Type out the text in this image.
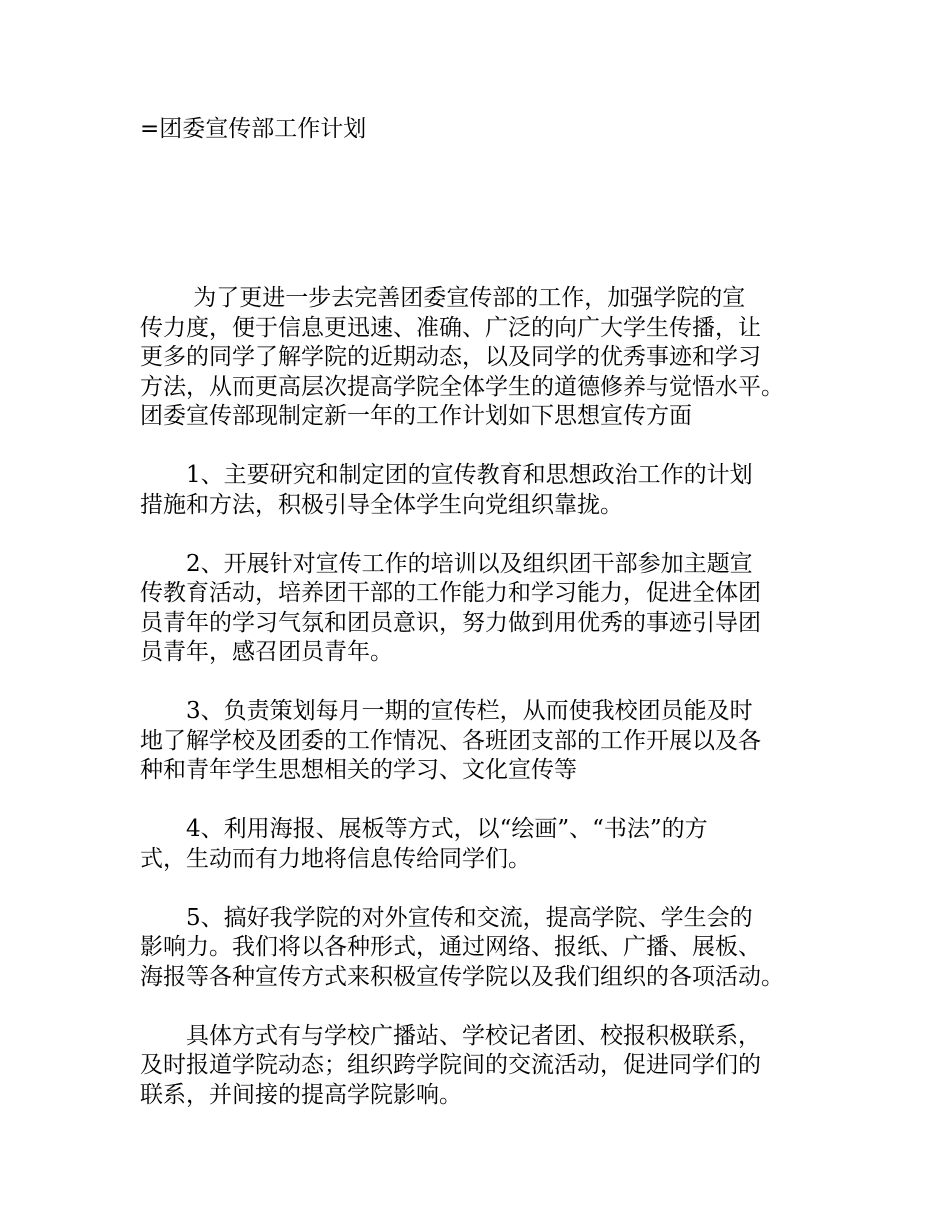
=团委宣传部工作计划
　　 为了更进一步去完善团委宣传部的工作，加强学院的宣
传力度，便于信息更迅速、准确、广泛的向广大学生传播，让
更多的同学了解学院的近期动态，以及同学的优秀事迹和学习
方法，从而更高层次提高学院全体学生的道德修养与觉悟水平。
团委宣传部现制定新一年的工作计划如下思想宣传方面
　　1、主要研究和制定团的宣传教育和思想政治工作的计划
措施和方法，积极引导全体学生向党组织靠拢。
　　2、开展针对宣传工作的培训以及组织团干部参加主题宣
传教育活动，培养团干部的工作能力和学习能力，促进全体团
员青年的学习气氛和团员意识，努力做到用优秀的事迹引导团
员青年，感召团员青年。
　　3、负责策划每月一期的宣传栏，从而使我校团员能及时
地了解学校及团委的工作情况、各班团支部的工作开展以及各
种和青年学生思想相关的学习、文化宣传等
　　4、利用海报、展板等方式，以“绘画”、“书法”的方
式，生动而有力地将信息传给同学们。
　　5、搞好我学院的对外宣传和交流，提高学院、学生会的
影响力。我们将以各种形式，通过网络、报纸、广播、展板、
海报等各种宣传方式来积极宣传学院以及我们组织的各项活动。
　　具体方式有与学校广播站、学校记者团、校报积极联系，
及时报道学院动态；组织跨学院间的交流活动，促进同学们的
联系，并间接的提高学院影响。
